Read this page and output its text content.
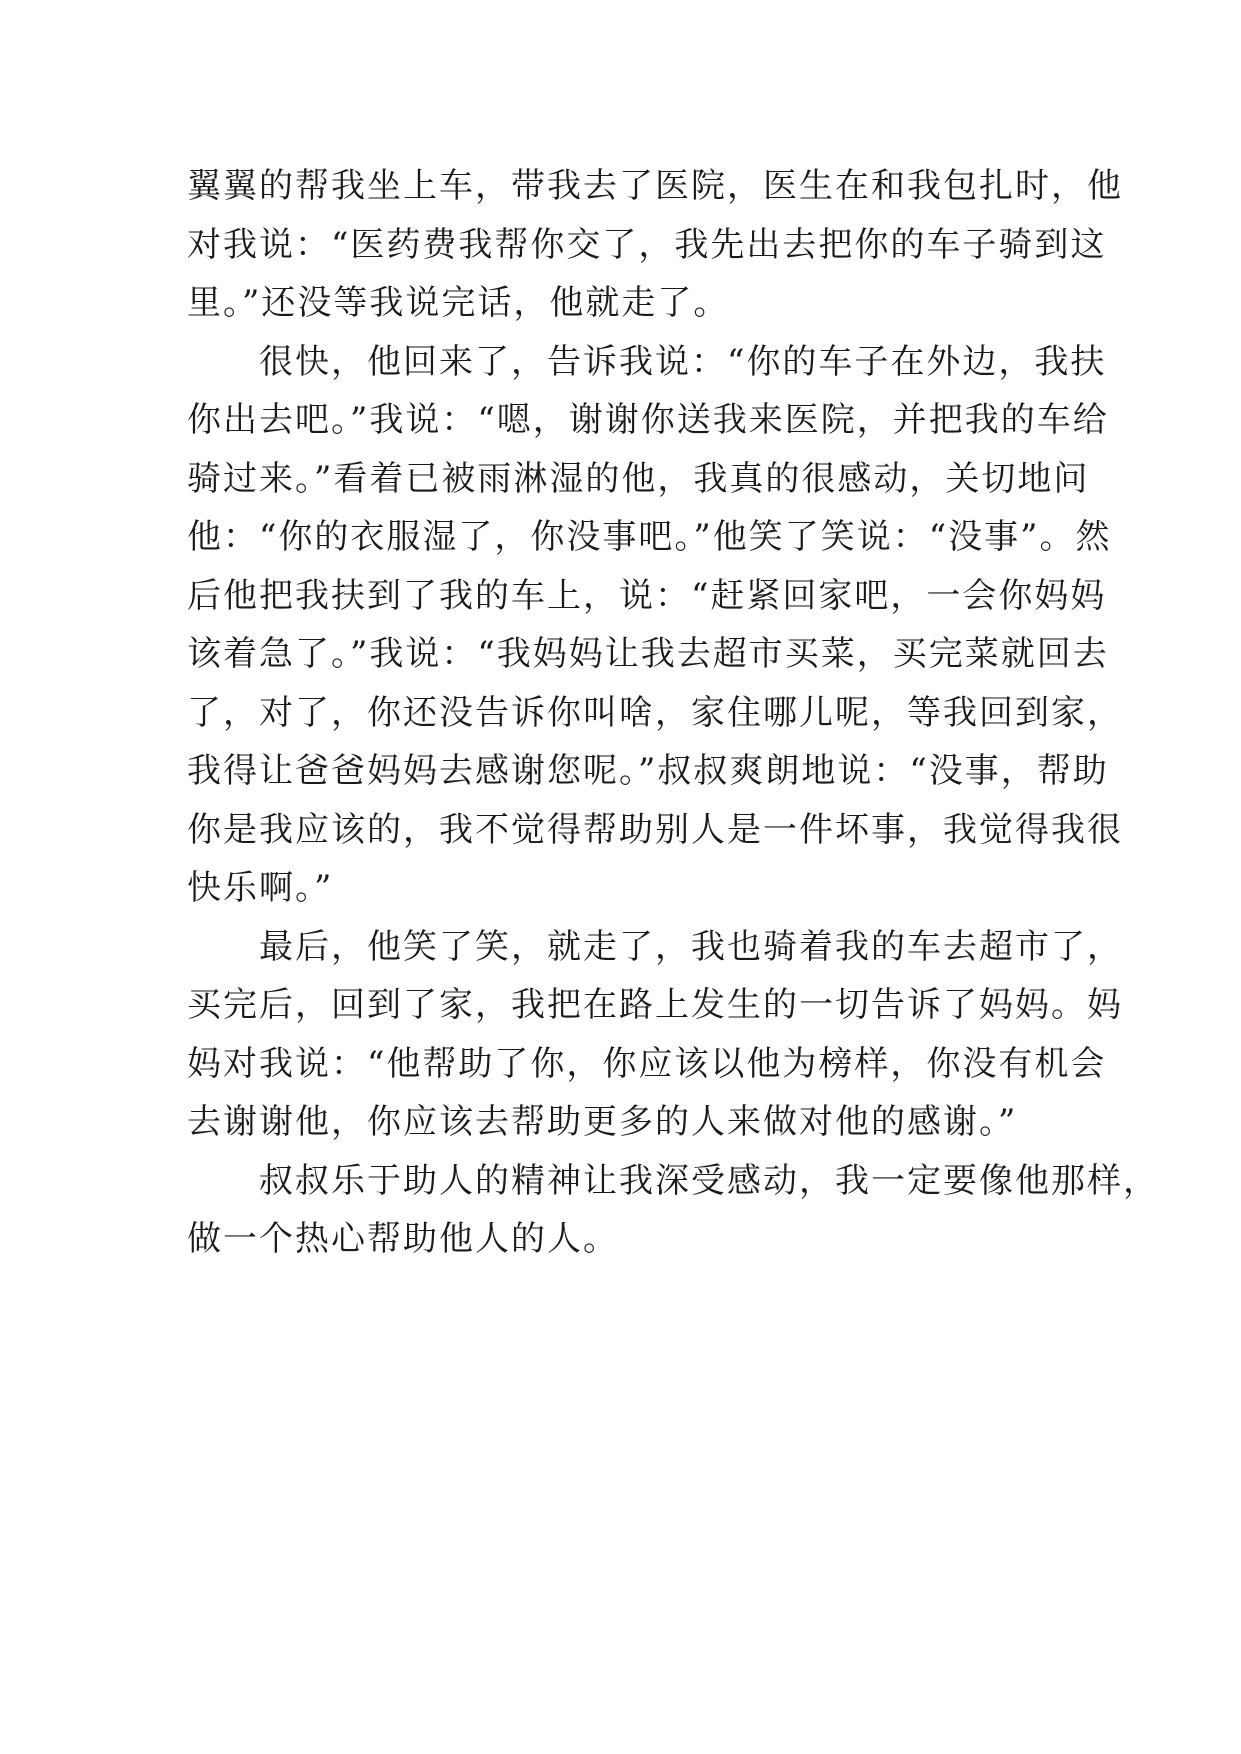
翼翼的帮我坐上车，带我去了医院，医生在和我包扎时，他
对我说：“医药费我帮你交了，我先出去把你的车子骑到这
里。”还没等我说完话，他就走了。
很快，他回来了，告诉我说：“你的车子在外边，我扶
你出去吧。”我说：“嗯，谢谢你送我来医院，并把我的车给
骑过来。”看着已被雨淋湿的他，我真的很感动，关切地问
他：“你的衣服湿了，你没事吧。”他笑了笑说：“没事”。然
后他把我扶到了我的车上，说：“赶紧回家吧，一会你妈妈
该着急了。”我说：“我妈妈让我去超市买菜，买完菜就回去
了，对了，你还没告诉你叫啥，家住哪儿呢，等我回到家，
我得让爸爸妈妈去感谢您呢。”叔叔爽朗地说：“没事，帮助
你是我应该的，我不觉得帮助别人是一件坏事，我觉得我很
快乐啊。”
最后，他笑了笑，就走了，我也骑着我的车去超市了，
买完后，回到了家，我把在路上发生的一切告诉了妈妈。妈
妈对我说：“他帮助了你，你应该以他为榜样，你没有机会
去谢谢他，你应该去帮助更多的人来做对他的感谢。”
叔叔乐于助人的精神让我深受感动，我一定要像他那样，
做一个热心帮助他人的人。
